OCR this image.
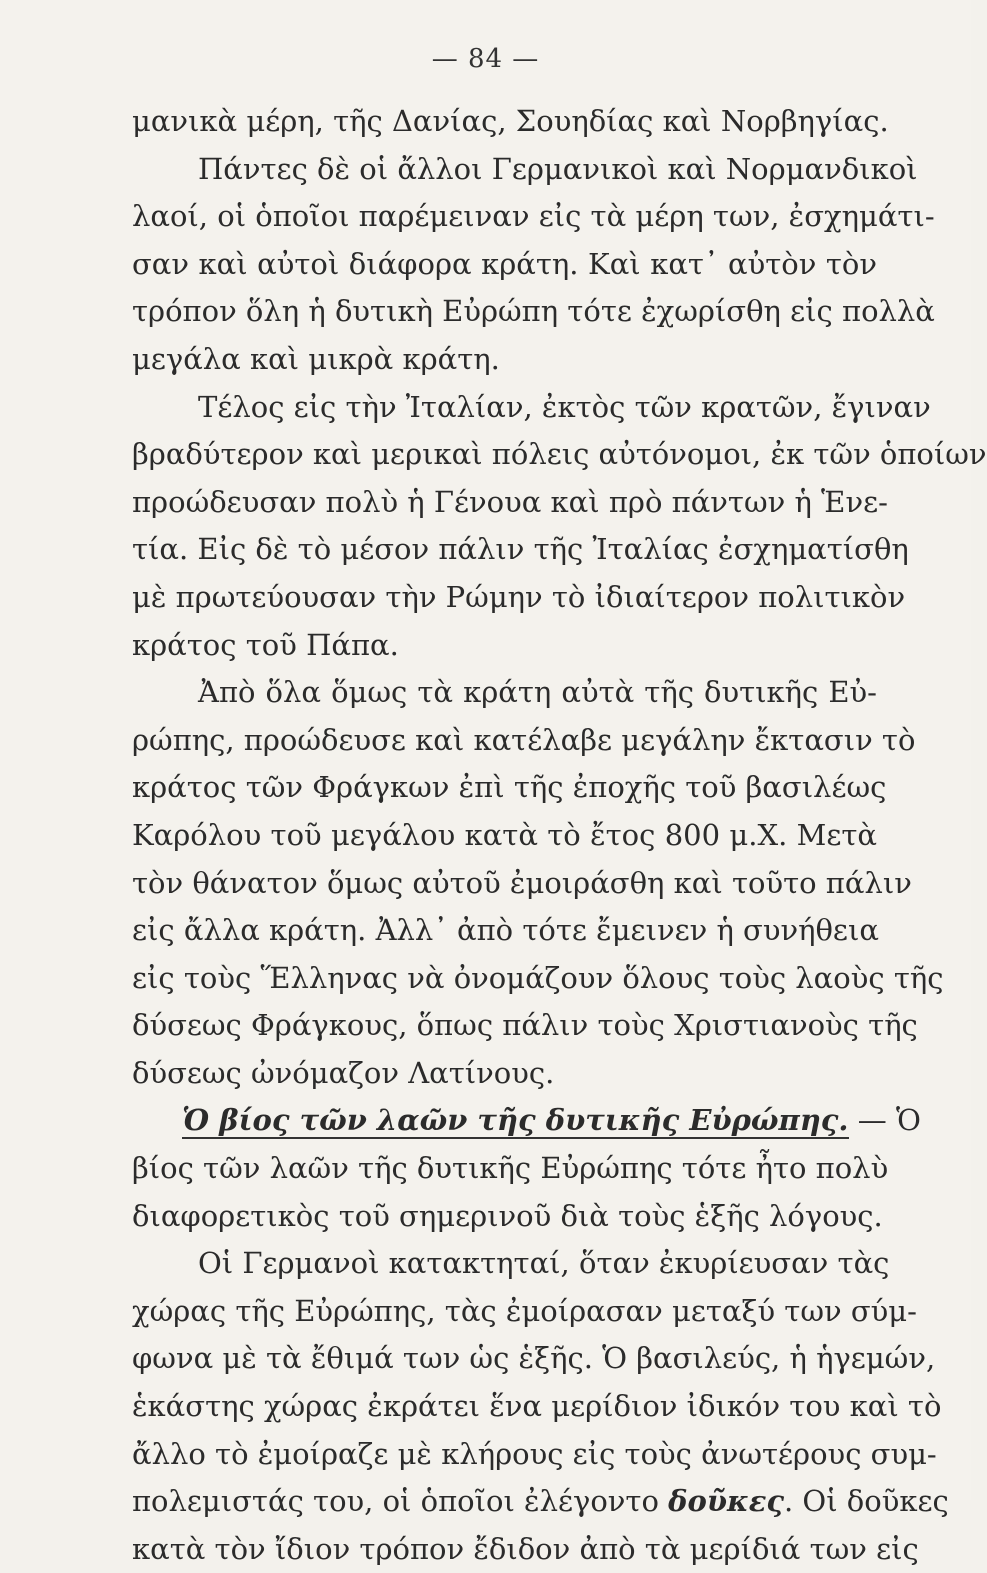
— 84 —
μανικὰ μέρη, τῆς Δανίας, Σουηδίας καὶ Νορβηγίας.
Πάντες δὲ οἱ ἄλλοι Γερμανικοὶ καὶ Νορμανδικοὶ
λαοί, οἱ ὁποῖοι παρέμειναν εἰς τὰ μέρη των, ἐσχημάτι-
σαν καὶ αὐτοὶ διάφορα κράτη. Καὶ κατ᾿ αὐτὸν τὸν
τρόπον ὅλη ἡ δυτικὴ Εὐρώπη τότε ἐχωρίσθη εἰς πολλὰ
μεγάλα καὶ μικρὰ κράτη.
Τέλος εἰς τὴν Ἰταλίαν, ἐκτὸς τῶν κρατῶν, ἔγιναν
βραδύτερον καὶ μερικαὶ πόλεις αὐτόνομοι, ἐκ τῶν ὁποίων
προώδευσαν πολὺ ἡ Γένουα καὶ πρὸ πάντων ἡ Ἑνε-
τία. Εἰς δὲ τὸ μέσον πάλιν τῆς Ἰταλίας ἐσχηματίσθη
μὲ πρωτεύουσαν τὴν Ρώμην τὸ ἰδιαίτερον πολιτικὸν
κράτος τοῦ Πάπα.
Ἀπὸ ὅλα ὅμως τὰ κράτη αὐτὰ τῆς δυτικῆς Εὐ-
ρώπης, προώδευσε καὶ κατέλαβε μεγάλην ἔκτασιν τὸ
κράτος τῶν Φράγκων ἐπὶ τῆς ἐποχῆς τοῦ βασιλέως
Καρόλου τοῦ μεγάλου κατὰ τὸ ἔτος 800 μ.Χ. Μετὰ
τὸν θάνατον ὅμως αὐτοῦ ἐμοιράσθη καὶ τοῦτο πάλιν
εἰς ἄλλα κράτη. Ἀλλ᾿ ἀπὸ τότε ἔμεινεν ἡ συνήθεια
εἰς τοὺς Ἕλληνας νὰ ὀνομάζουν ὅλους τοὺς λαοὺς τῆς
δύσεως Φράγκους, ὅπως πάλιν τοὺς Χριστιανοὺς τῆς
δύσεως ὠνόμαζον Λατίνους.
Ὁ βίος τῶν λαῶν τῆς δυτικῆς Εὐρώπης. — Ὁ
βίος τῶν λαῶν τῆς δυτικῆς Εὐρώπης τότε ἦτο πολὺ
διαφορετικὸς τοῦ σημερινοῦ διὰ τοὺς ἑξῆς λόγους.
Οἱ Γερμανοὶ κατακτηταί, ὅταν ἐκυρίευσαν τὰς
χώρας τῆς Εὐρώπης, τὰς ἐμοίρασαν μεταξύ των σύμ-
φωνα μὲ τὰ ἔθιμά των ὡς ἑξῆς. Ὁ βασιλεύς, ἡ ἡγεμών,
ἑκάστης χώρας ἐκράτει ἕνα μερίδιον ἰδικόν του καὶ τὸ
ἄλλο τὸ ἐμοίραζε μὲ κλήρους εἰς τοὺς ἀνωτέρους συμ-
πολεμιστάς του, οἱ ὁποῖοι ἐλέγοντο δοῦκες. Οἱ δοῦκες
κατὰ τὸν ἴδιον τρόπον ἔδιδον ἀπὸ τὰ μερίδιά των εἰς
